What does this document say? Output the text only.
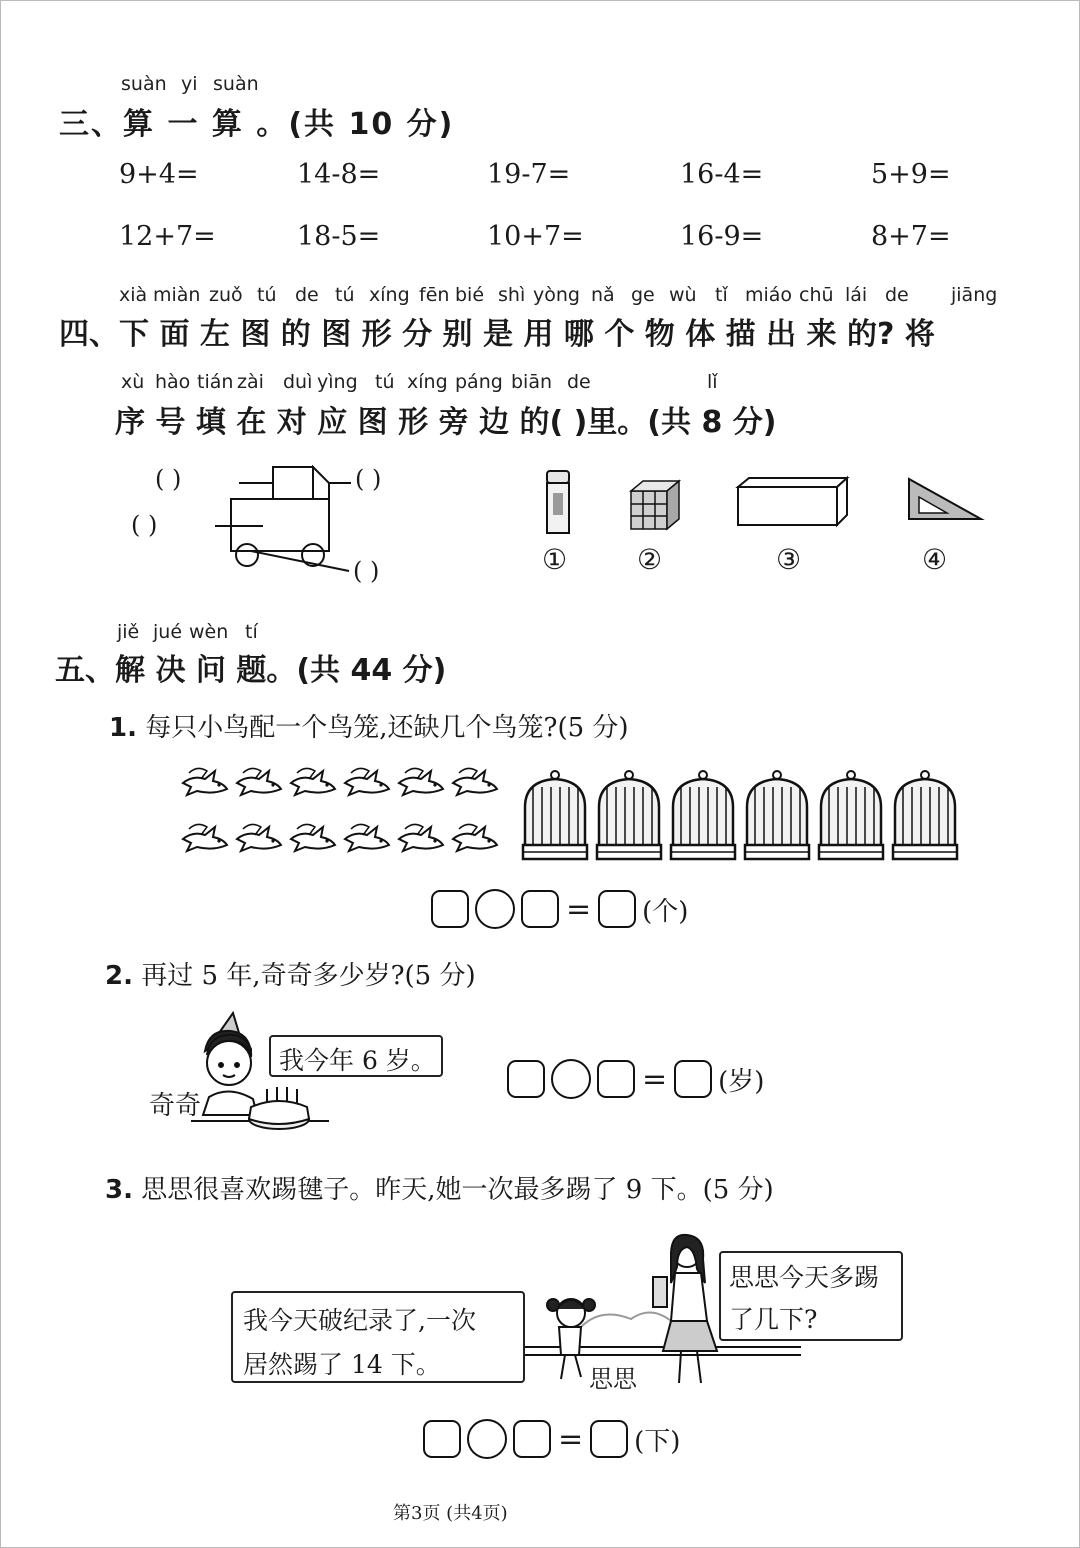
suàn yi suàn
三、算 一 算 。(共 10 分)
9+4=	14-8=	19-7=	16-4=	5+9=
12+7=	18-5=	10+7=	16-9=	8+7=
xià miàn zuǒ tú de tú xíng fēn bié shì yòng nǎ ge wù tǐ miáo chū lái de jiāng
四、下 面 左 图 的 图 形 分 别 是 用 哪 个 物 体 描 出 来 的? 将
xù hào tián zài duì yìng tú xíng páng biān de	lǐ
序 号 填 在 对 应 图 形 旁 边 的( )里。(共 8 分)
( )	( )
( )
( )	① ②	③	④
jiě jué wèn tí
五、解 决 问 题。(共 44 分)
1. 每只小鸟配一个鸟笼,还缺几个鸟笼?(5 分)
= (个)
2. 再过 5 年,奇奇多少岁?(5 分)
我今年 6 岁。
奇奇
= (岁)
3. 思思很喜欢踢毽子。昨天,她一次最多踢了 9 下。(5 分)
我今天破纪录了,一次
居然踢了 14 下。
思思今天多踢
了几下?
思思
= (下)
第3页 (共4页)
